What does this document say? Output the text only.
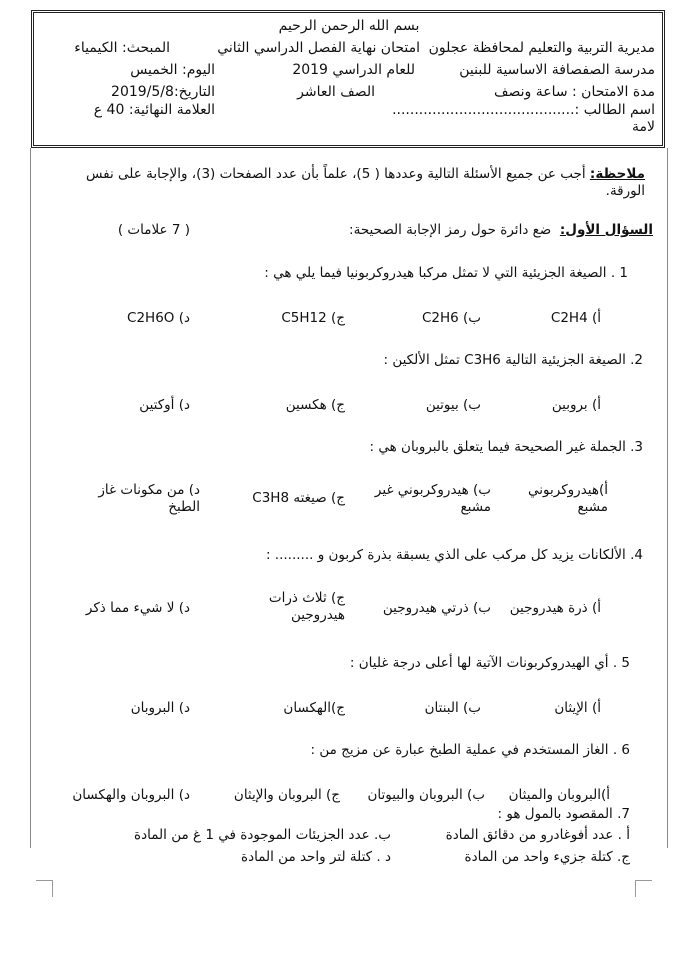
بسم الله الرحمن الرحيم
مديرية التربية والتعليم لمحافظة عجلون
امتحان نهاية الفصل الدراسي الثاني
المبحث: الكيمياء
مدرسة الصفصافة الاساسية للبنين
للعام الدراسي 2019
اليوم: الخميس
مدة الامتحان : ساعة ونصف
الصف العاشر
التاريخ:2019/5/8
اسم الطالب :.........................................
العلامة النهائية: 40 ع
لامة
ملاحظة: أجب عن جميع الأسئلة التالية وعددها ( 5)، علماً بأن عدد الصفحات (3)، والإجابة على نفس الورقة.
السؤال الأول:  ضع دائرة حول رمز الإجابة الصحيحة:
( 7 علامات )
1 . الصيغة الجزيئية التي لا تمثل مركبا هيدروكربونيا فيما يلي هي :
أ) C2H4
ب) C2H6
ج) C5H12
د) C2H6O
2. الصيغة الجزيئية التالية C3H6 تمثل الألكين :
أ) بروبين
ب) بيوتين
ج) هكسين
د) أوكتين
3. الجملة غير الصحيحة فيما يتعلق بالبروبان هي :
أ)هيدروكربوني مشبع
ب) هيدروكربوني غير مشبع
ج) صيغته C3H8
د) من مكونات غاز الطبخ
4. الألكانات يزيد كل مركب على الذي يسبقة بذرة كربون و ......... :
أ) ذرة هيدروجين
ب) ذرتي هيدروجين
ج) ثلاث ذرات هيدروجين
د) لا شيء مما ذكر
5 . أي الهيدروكربونات الآتية لها أعلى درجة غليان :
أ) الإيثان
ب) البنتان
ج)الهكسان
د) البروبان
6 . الغاز المستخدم في عملية الطبخ عبارة عن مزيج من :
أ)البروبان والميثان
ب) البروبان والبيوتان
ج) البروبان والإيثان
د) البروبان والهكسان
7. المقصود بالمول هو :
أ . عدد أفوغادرو من دقائق المادة
ب. عدد الجزيئات الموجودة في 1 غ من المادة
ج. كتلة جزيء واحد من المادة
د . كتلة لتر واحد من المادة
